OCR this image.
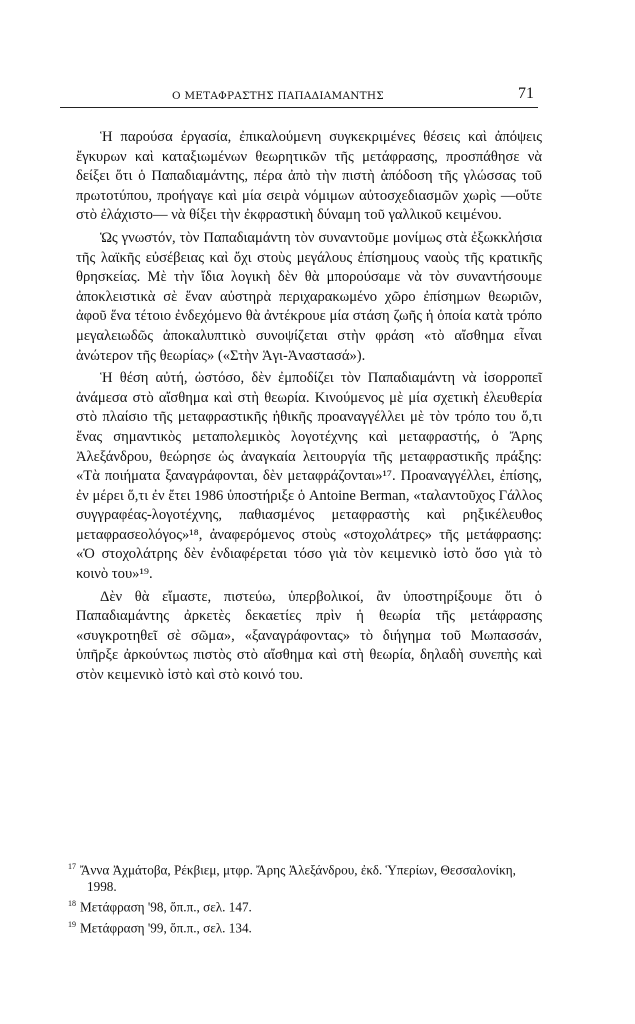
Ο ΜΕΤΑΦΡΑΣΤΗΣ ΠΑΠΑΔΙΑΜΑΝΤΗΣ	71

Ἡ παρούσα ἐργασία, ἐπικαλούμενη συγκεκριμένες θέσεις καὶ ἀπόψεις ἔγκυρων καὶ καταξιωμένων θεωρητικῶν τῆς μετάφρασης, προσπάθησε νὰ δείξει ὅτι ὁ Παπαδιαμάντης, πέρα ἀπὸ τὴν πιστὴ ἀπόδοση τῆς γλώσσας τοῦ πρωτοτύπου, προήγαγε καὶ μία σειρὰ νόμιμων αὐτοσχεδιασμῶν χωρὶς —οὔτε στὸ ἐλάχιστο— νὰ θίξει τὴν ἐκφραστικὴ δύναμη τοῦ γαλλικοῦ κειμένου.

Ὡς γνωστόν, τὸν Παπαδιαμάντη τὸν συναντοῦμε μονίμως στὰ ἐξωκκλήσια τῆς λαϊκῆς εὐσέβειας καὶ ὄχι στοὺς μεγάλους ἐπίσημους ναοὺς τῆς κρατικῆς θρησκείας. Μὲ τὴν ἴδια λογικὴ δὲν θὰ μπορούσαμε νὰ τὸν συναντήσουμε ἀποκλειστικὰ σὲ ἕναν αὐστηρὰ περιχαρακωμένο χῶρο ἐπίσημων θεωριῶν, ἀφοῦ ἕνα τέτοιο ἐνδεχόμενο θὰ ἀντέκρουε μία στάση ζωῆς ἡ ὁποία κατὰ τρόπο μεγαλειωδῶς ἀποκαλυπτικὸ συνοψίζεται στὴν φράση «τὸ αἴσθημα εἶναι ἀνώτερον τῆς θεωρίας» («Στὴν Ἁγι-Ἀναστασά»).

Ἡ θέση αὐτή, ὡστόσο, δὲν ἐμποδίζει τὸν Παπαδιαμάντη νὰ ἰσορροπεῖ ἀνάμεσα στὸ αἴσθημα καὶ στὴ θεωρία. Κινούμενος μὲ μία σχετικὴ ἐλευθερία στὸ πλαίσιο τῆς μεταφραστικῆς ἠθικῆς προαναγγέλλει μὲ τὸν τρόπο του ὅ,τι ἕνας σημαντικὸς μεταπολεμικὸς λογοτέχνης καὶ μεταφραστής, ὁ Ἄρης Ἀλεξάνδρου, θεώρησε ὡς ἀναγκαία λειτουργία τῆς μεταφραστικῆς πράξης: «Τὰ ποιήματα ξαναγράφονται, δὲν μεταφράζονται»¹⁷. Προαναγγέλλει, ἐπίσης, ἐν μέρει ὅ,τι ἐν ἔτει 1986 ὑποστήριξε ὁ Antoine Berman, «ταλαντοῦχος Γάλλος συγγραφέας-λογοτέχνης, παθιασμένος μεταφραστὴς καὶ ρηξικέλευθος μεταφρασεολόγος»¹⁸, ἀναφερόμενος στοὺς «στοχολάτρες» τῆς μετάφρασης: «Ὁ στοχολάτρης δὲν ἐνδιαφέρεται τόσο γιὰ τὸν κειμενικὸ ἱστὸ ὅσο γιὰ τὸ κοινὸ του»¹⁹.

Δὲν θὰ εἴμαστε, πιστεύω, ὑπερβολικοί, ἂν ὑποστηρίξουμε ὅτι ὁ Παπαδιαμάντης ἀρκετὲς δεκαετίες πρὶν ἡ θεωρία τῆς μετάφρασης «συγκροτηθεῖ σὲ σῶμα», «ξαναγράφοντας» τὸ διήγημα τοῦ Μωπασσάν, ὑπῆρξε ἀρκούντως πιστὸς στὸ αἴσθημα καὶ στὴ θεωρία, δηλαδὴ συνεπὴς καὶ στὸν κειμενικὸ ἱστὸ καὶ στὸ κοινό του.

$^{17}$ Ἄννα Ἀχμάτοβα, Ρέκβιεμ, μτφρ. Ἄρης Ἀλεξάνδρου, ἐκδ. Ὑπερίων, Θεσσαλονίκη, 1998.

$^{18}$ Μετάφραση '98, ὅπ.π., σελ. 147.

$^{19}$ Μετάφραση '99, ὅπ.π., σελ. 134.
